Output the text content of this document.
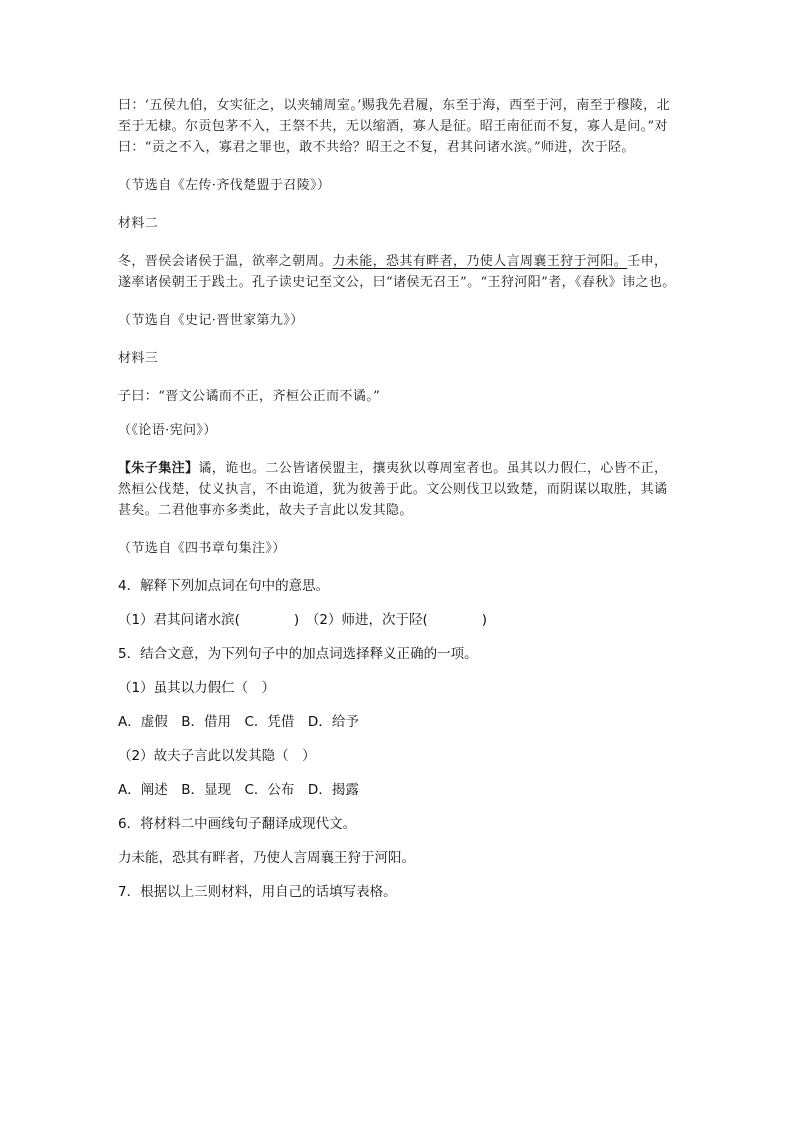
曰：‘五侯九伯，女实征之，以夹辅周室。’赐我先君履，东至于海，西至于河，南至于穆陵，北至于无棣。尔贡包茅不入，王祭不共，无以缩酒，寡人是征。昭王南征而不复，寡人是问。”对曰：“贡之不入，寡君之罪也，敢不共给？昭王之不复，君其问诸水滨。”师进，次于陉。

（节选自《左传·齐伐楚盟于召陵》）

材料二

冬，晋侯会诸侯于温，欲率之朝周。力未能，恐其有畔者，乃使人言周襄王狩于河阳。壬申，遂率诸侯朝王于践土。孔子读史记至文公，曰“诸侯无召王”。“王狩河阳”者，《春秋》讳之也。

（节选自《史记·晋世家第九》）

材料三

子曰：“晋文公谲而不正，齐桓公正而不谲。”

（《论语·宪问》）

【朱子集注】谲，诡也。二公皆诸侯盟主，攘夷狄以尊周室者也。虽其以力假仁，心皆不正，然桓公伐楚，仗义执言，不由诡道，犹为彼善于此。文公则伐卫以致楚，而阴谋以取胜，其谲甚矣。二君他事亦多类此，故夫子言此以发其隐。

（节选自《四书章句集注》）

4．解释下列加点词在句中的意思。

（1）君其问诸水滨(　　　　)　（2）师进，次于陉(　　　　)

5．结合文意，为下列句子中的加点词选择释义正确的一项。

（1）虽其以力假仁（　）

A．虚假　B．借用　C．凭借　D．给予

（2）故夫子言此以发其隐（　）

A．阐述　B．显现　C．公布　D．揭露

6．将材料二中画线句子翻译成现代文。

力未能，恐其有畔者，乃使人言周襄王狩于河阳。

7．根据以上三则材料，用自己的话填写表格。
